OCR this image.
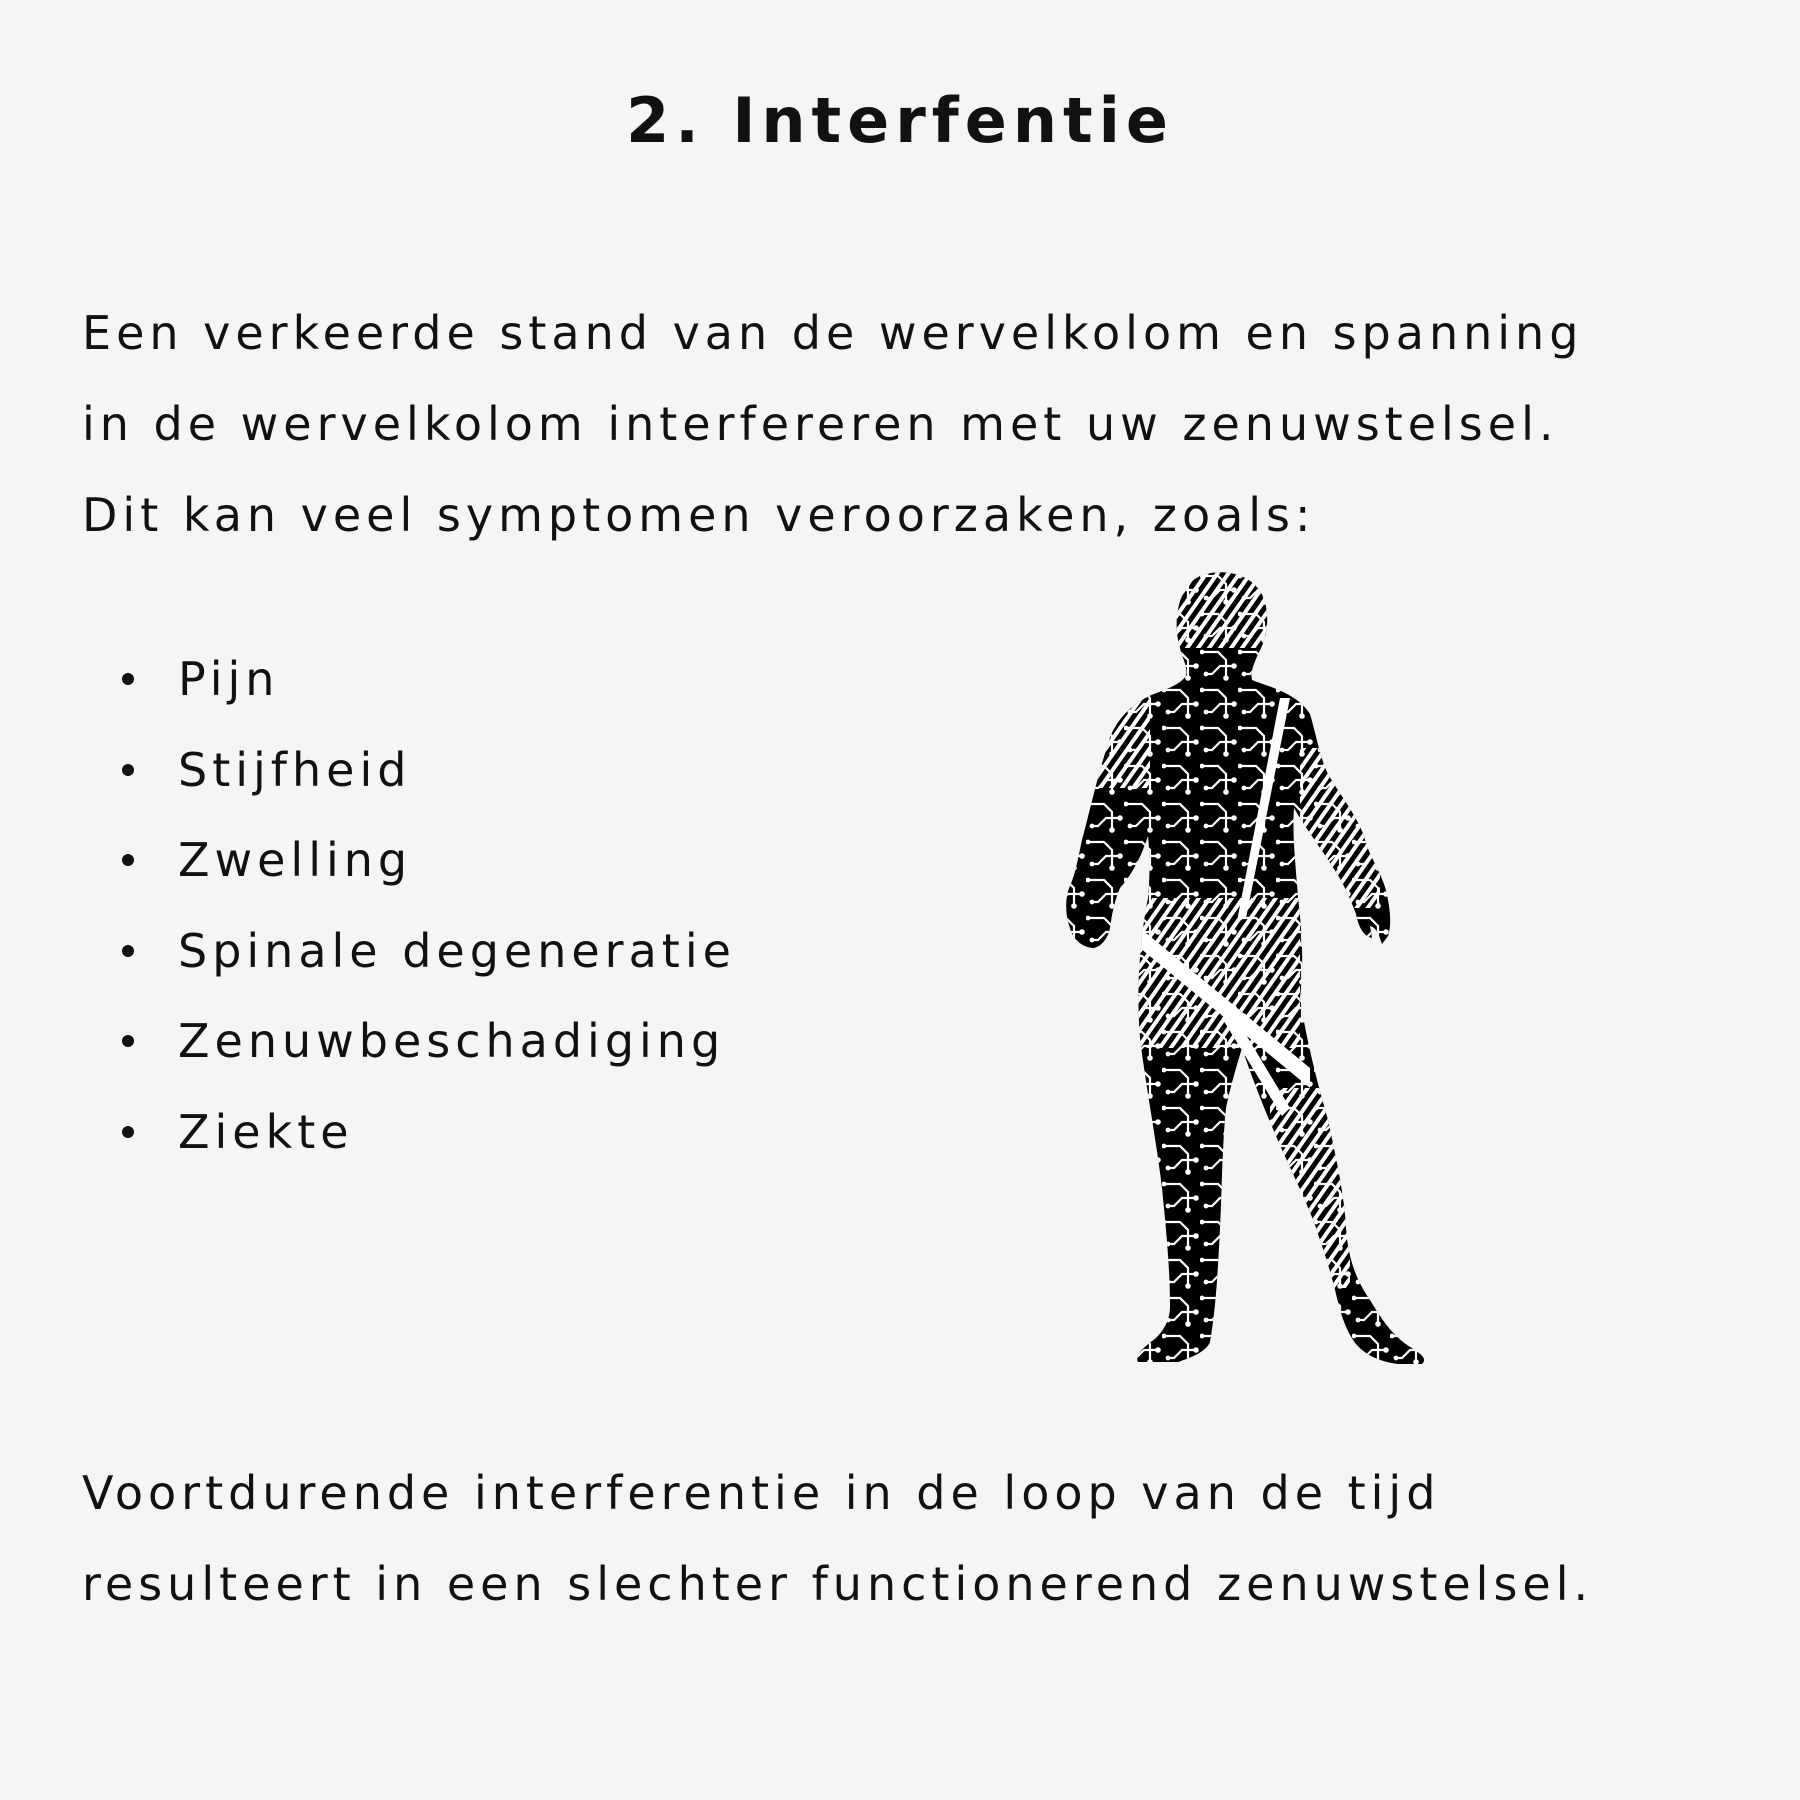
2. Interfentie

Een verkeerde stand van de wervelkolom en spanning
in de wervelkolom interfereren met uw zenuwstelsel.
Dit kan veel symptomen veroorzaken, zoals:

Pijn
Stijfheid
Zwelling
Spinale degeneratie
Zenuwbeschadiging
Ziekte

Voortdurende interferentie in de loop van de tijd
resulteert in een slechter functionerend zenuwstelsel.
